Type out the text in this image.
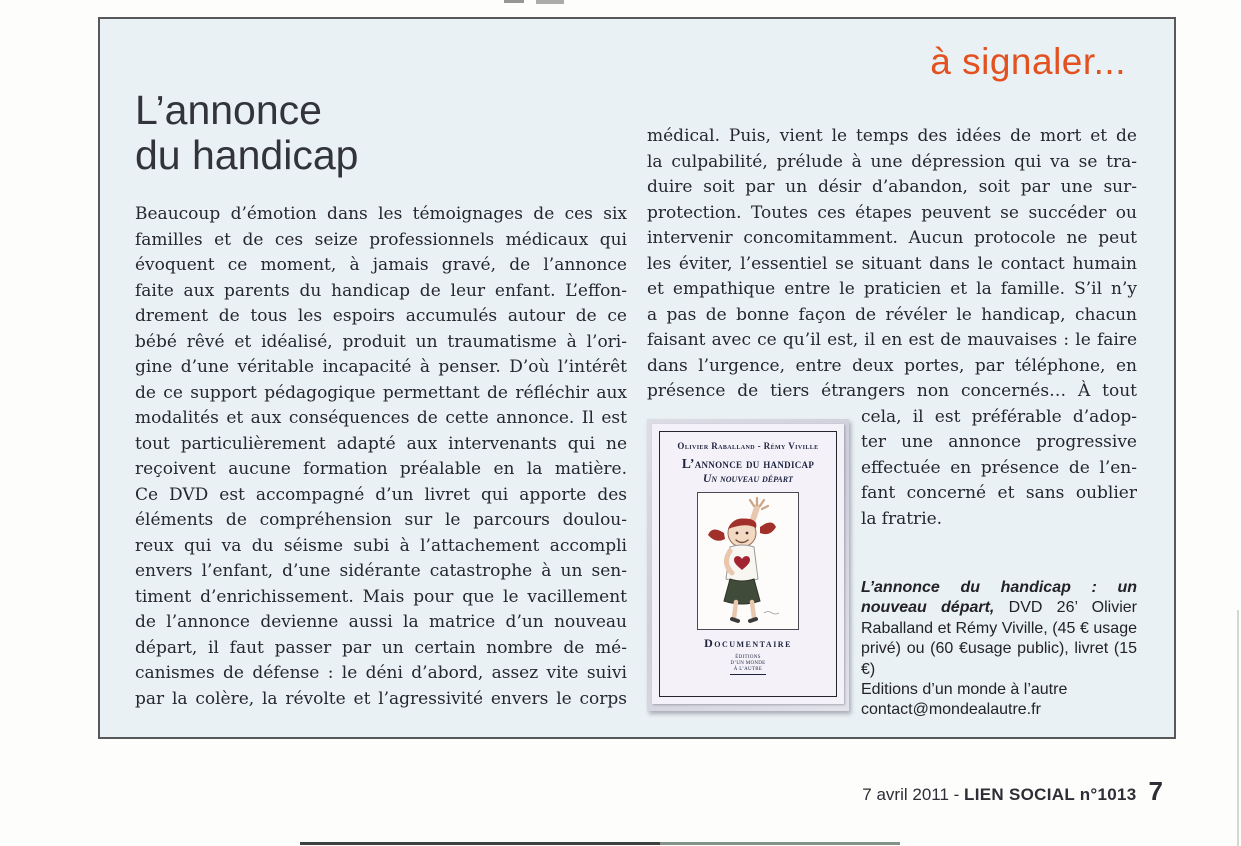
à signaler...
L’annonce
du handicap
Beaucoup d’émotion dans les témoignages de ces six
familles et de ces seize professionnels médicaux qui
évoquent ce moment, à jamais gravé, de l’annonce
faite aux parents du handicap de leur enfant. L’effon-
drement de tous les espoirs accumulés autour de ce
bébé rêvé et idéalisé, produit un traumatisme à l’ori-
gine d’une véritable incapacité à penser. D’où l’intérêt
de ce support pédagogique permettant de réfléchir aux
modalités et aux conséquences de cette annonce. Il est
tout particulièrement adapté aux intervenants qui ne
reçoivent aucune formation préalable en la matière.
Ce DVD est accompagné d’un livret qui apporte des
éléments de compréhension sur le parcours doulou-
reux qui va du séisme subi à l’attachement accompli
envers l’enfant, d’une sidérante catastrophe à un sen-
timent d’enrichissement. Mais pour que le vacillement
de l’annonce devienne aussi la matrice d’un nouveau
départ, il faut passer par un certain nombre de mé-
canismes de défense : le déni d’abord, assez vite suivi
par la colère, la révolte et l’agressivité envers le corps
médical. Puis, vient le temps des idées de mort et de
la culpabilité, prélude à une dépression qui va se tra-
duire soit par un désir d’abandon, soit par une sur-
protection. Toutes ces étapes peuvent se succéder ou
intervenir concomitamment. Aucun protocole ne peut
les éviter, l’essentiel se situant dans le contact humain
et empathique entre le praticien et la famille. S’il n’y
a pas de bonne façon de révéler le handicap, chacun
faisant avec ce qu’il est, il en est de mauvaises : le faire
dans l’urgence, entre deux portes, par téléphone, en
présence de tiers étrangers non concernés… À tout
Olivier Raballand - Rémy Viville
L’annonce du handicap
Un nouveau départ
Documentaire
ÉDITIONS
D’UN MONDE
À L’AUTRE
cela, il est préférable d’adop-
ter une annonce progressive
effectuée en présence de l’en-
fant concerné et sans oublier
la fratrie.

L’annonce du handicap : un nouveau départ, DVD 26’ Olivier Raballand et Rémy Viville, (45 € usage privé) ou (60 €usage public), livret (15 €)

Editions d’un monde à l’autre
contact@mondealautre.fr
7 avril 2011 - LIEN SOCIAL n°1013 7
